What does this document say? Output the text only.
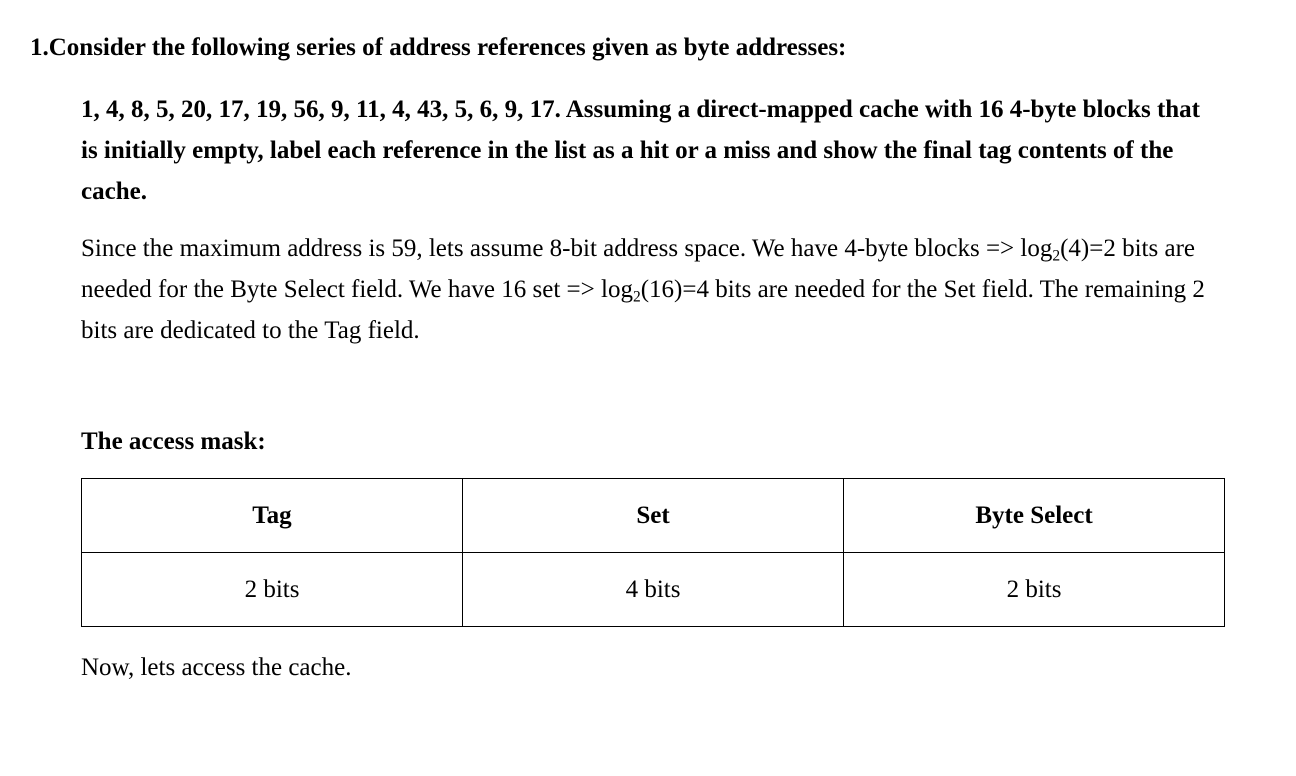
1.Consider the following series of address references given as byte addresses:

1, 4, 8, 5, 20, 17, 19, 56, 9, 11, 4, 43, 5, 6, 9, 17. Assuming a direct-mapped cache with 16 4-byte blocks that is initially empty, label each reference in the list as a hit or a miss and show the final tag contents of the cache.

Since the maximum address is 59, lets assume 8-bit address space. We have 4-byte blocks => $\log_2(4)=2$ bits are needed for the Byte Select field. We have 16 set => $\log_2(16)=4$ bits are needed for the Set field. The remaining 2 bits are dedicated to the Tag field.

The access mask:
Tag	Set	Byte Select
2 bits	4 bits	2 bits
Now, lets access the cache.
